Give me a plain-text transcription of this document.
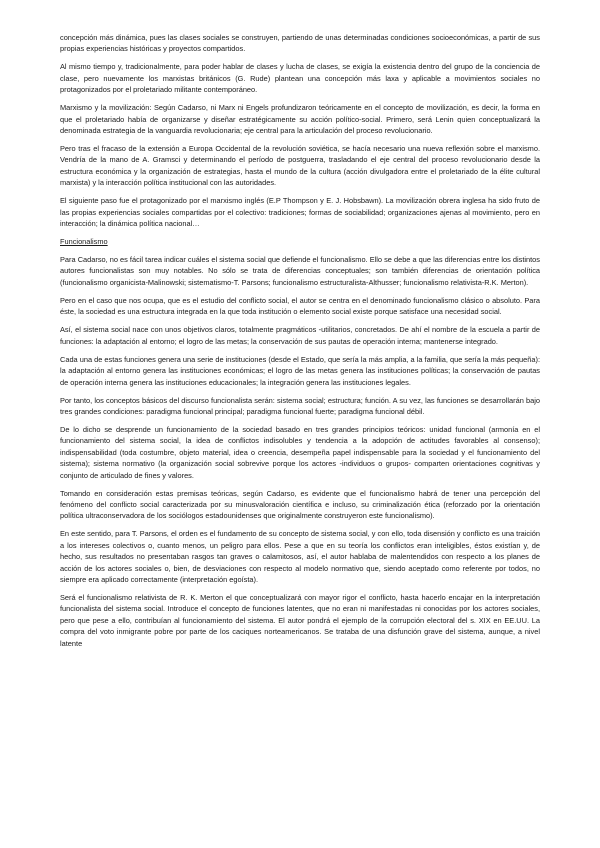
concepción más dinámica, pues las clases sociales se construyen, partiendo de unas determinadas condiciones socioeconómicas, a partir de sus propias experiencias históricas y proyectos compartidos.

Al mismo tiempo y, tradicionalmente, para poder hablar de clases y lucha de clases, se exigía la existencia dentro del grupo de la conciencia de clase, pero nuevamente los marxistas británicos (G. Rude) plantean una concepción más laxa y aplicable a movimientos sociales no protagonizados por el proletariado militante contemporáneo.

Marxismo y la movilización: Según Cadarso, ni Marx ni Engels profundizaron teóricamente en el concepto de movilización, es decir, la forma en que el proletariado había de organizarse y diseñar estratégicamente su acción político-social. Primero, será Lenin quien conceptualizará la denominada estrategia de la vanguardia revolucionaria; eje central para la articulación del proceso revolucionario.

Pero tras el fracaso de la extensión a Europa Occidental de la revolución soviética, se hacía necesario una nueva reflexión sobre el marxismo. Vendría de la mano de A. Gramsci y determinando el período de postguerra, trasladando el eje central del proceso revolucionario desde la estructura económica y la organización de estrategias, hasta el mundo de la cultura (acción divulgadora entre el proletariado de la élite cultural marxista) y la interacción política institucional con las autoridades.

El siguiente paso fue el protagonizado por el marxismo inglés (E.P Thompson y E. J. Hobsbawn). La movilización obrera inglesa ha sido fruto de las propias experiencias sociales compartidas por el colectivo: tradiciones; formas de sociabilidad; organizaciones ajenas al movimiento, pero en interacción; la dinámica política nacional…

Funcionalismo

Para Cadarso, no es fácil tarea indicar cuáles el sistema social que defiende el funcionalismo. Ello se debe a que las diferencias entre los distintos autores funcionalistas son muy notables. No sólo se trata de diferencias conceptuales; son también diferencias de orientación política (funcionalismo organicista-Malinowski; sistematismo-T. Parsons; funcionalismo estructuralista-Althusser; funcionalismo relativista-R.K. Merton).

Pero en el caso que nos ocupa, que es el estudio del conflicto social, el autor se centra en el denominado funcionalismo clásico o absoluto. Para éste, la sociedad es una estructura integrada en la que toda institución o elemento social existe porque satisface una necesidad social.

Así, el sistema social nace con unos objetivos claros, totalmente pragmáticos -utilitarios, concretados. De ahí el nombre de la escuela a partir de funciones: la adaptación al entorno; el logro de las metas; la conservación de sus pautas de operación interna; mantenerse integrado.

Cada una de estas funciones genera una serie de instituciones (desde el Estado, que sería la más amplia, a la familia, que sería la más pequeña): la adaptación al entorno genera las instituciones económicas; el logro de las metas genera las instituciones políticas; la conservación de pautas de operación interna genera las instituciones educacionales; la integración genera las instituciones legales.

Por tanto, los conceptos básicos del discurso funcionalista serán: sistema social; estructura; función. A su vez, las funciones se desarrollarán bajo tres grandes condiciones: paradigma funcional principal; paradigma funcional fuerte; paradigma funcional débil.

De lo dicho se desprende un funcionamiento de la sociedad basado en tres grandes principios teóricos: unidad funcional (armonía en el funcionamiento del sistema social, la idea de conflictos indisolubles y tendencia a la adopción de actitudes favorables al consenso); indispensabilidad (toda costumbre, objeto material, idea o creencia, desempeña papel indispensable para la sociedad y el funcionamiento del sistema); sistema normativo (la organización social sobrevive porque los actores -individuos o grupos- comparten orientaciones cognitivas y conjunto de articulado de fines y valores.

Tomando en consideración estas premisas teóricas, según Cadarso, es evidente que el funcionalismo habrá de tener una percepción del fenómeno del conflicto social caracterizada por su minusvaloración científica e incluso, su criminalización ética (reforzado por la orientación política ultraconservadora de los sociólogos estadounidenses que originalmente construyeron este funcionalismo).

En este sentido, para T. Parsons, el orden es el fundamento de su concepto de sistema social, y con ello, toda disensión y conflicto es una traición a los intereses colectivos o, cuanto menos, un peligro para ellos. Pese a que en su teoría los conflictos eran inteligibles, éstos existían y, de hecho, sus resultados no presentaban rasgos tan graves o calamitosos, así, el autor hablaba de malentendidos con respecto a los planes de acción de los actores sociales o, bien, de desviaciones con respecto al modelo normativo que, siendo aceptado como referente por todos, no siempre era aplicado correctamente (interpretación egoísta).

Será el funcionalismo relativista de R. K. Merton el que conceptualizará con mayor rigor el conflicto, hasta hacerlo encajar en la interpretación funcionalista del sistema social. Introduce el concepto de funciones latentes, que no eran ni manifestadas ni conocidas por los actores sociales, pero que pese a ello, contribuían al funcionamiento del sistema. El autor pondrá el ejemplo de la corrupción electoral del s. XIX en EE.UU. La compra del voto inmigrante pobre por parte de los caciques norteamericanos. Se trataba de una disfunción grave del sistema, aunque, a nivel latente
